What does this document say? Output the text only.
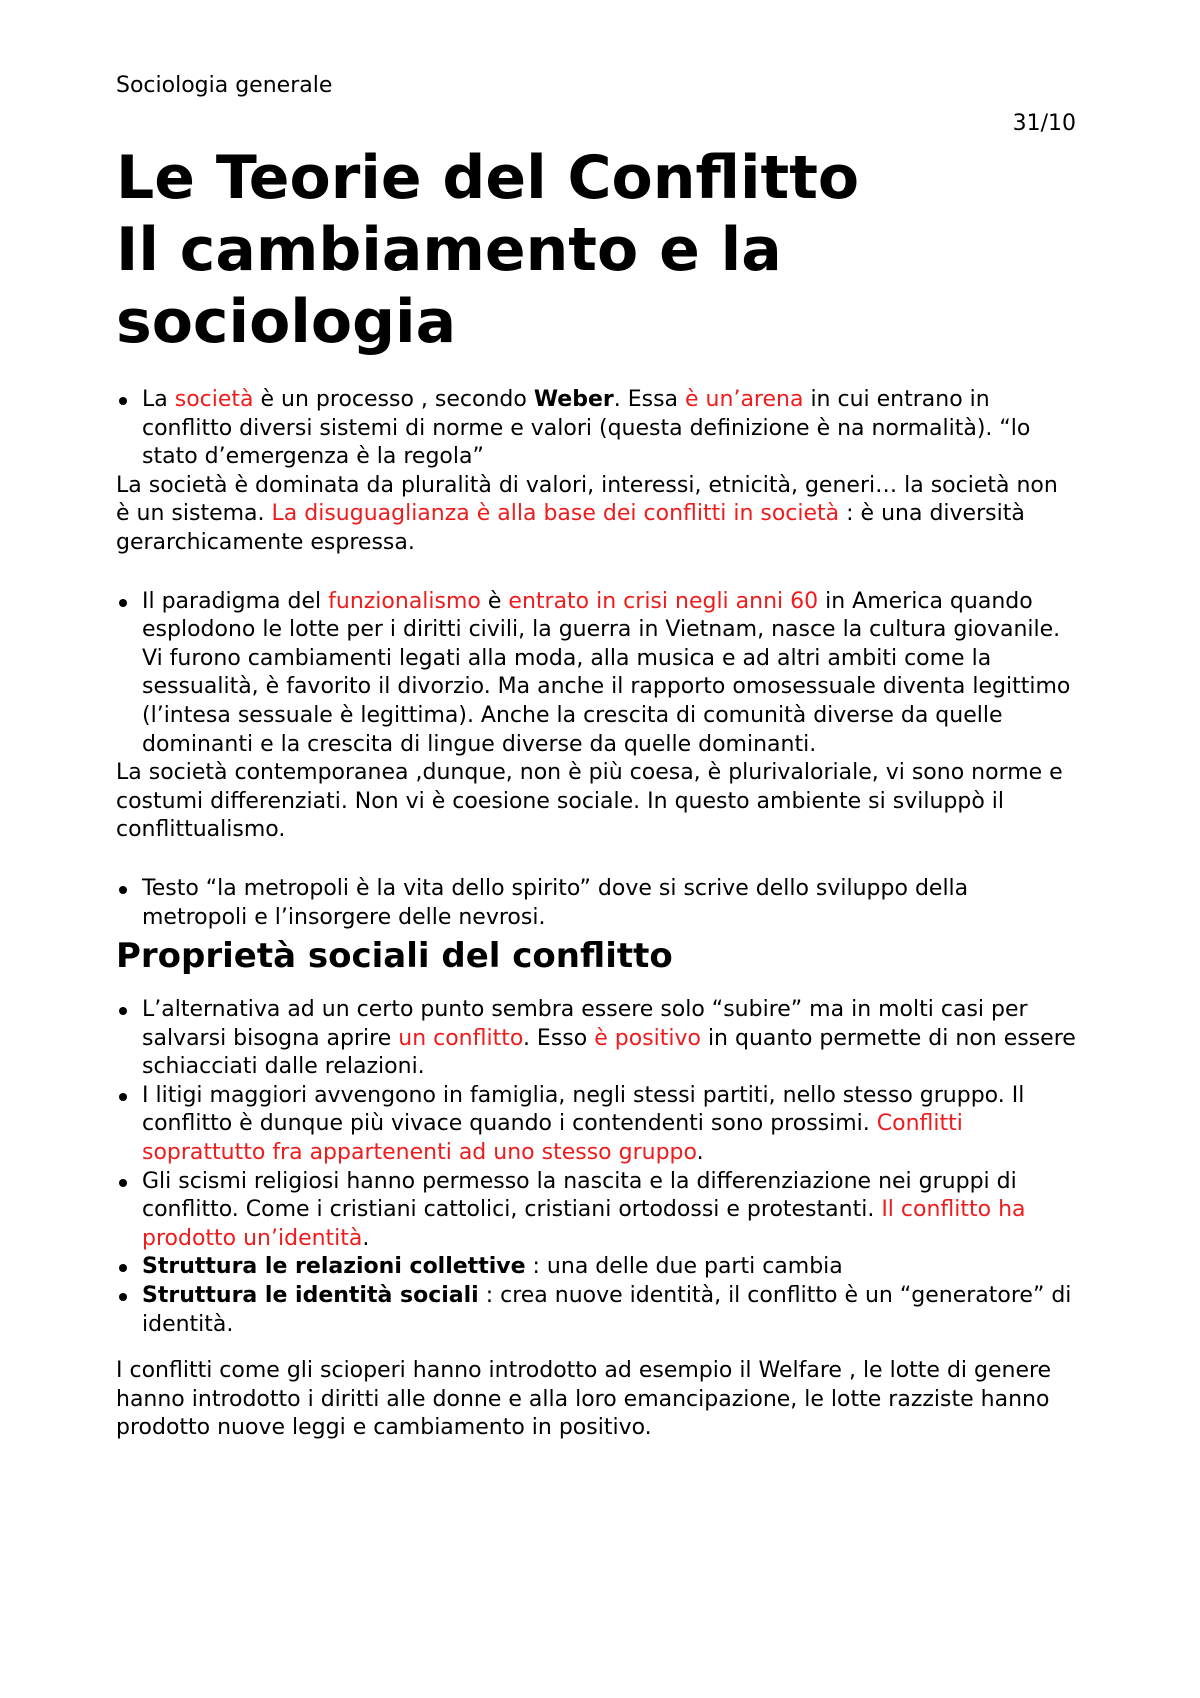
Sociologia generale
31/10
Le Teorie del Conflitto
Il cambiamento e la
sociologia
La società è un processo , secondo Weber. Essa è un’arena in cui entrano in conflitto diversi sistemi di norme e valori (questa definizione è na normalità). “lo stato d’emergenza è la regola”

La società è dominata da pluralità di valori, interessi, etnicità, generi… la società non è un sistema. La disuguaglianza è alla base dei conflitti in società : è una diversità gerarchicamente espressa.

Il paradigma del funzionalismo è entrato in crisi negli anni 60 in America quando esplodono le lotte per i diritti civili, la guerra in Vietnam, nasce la cultura giovanile. Vi furono cambiamenti legati alla moda, alla musica e ad altri ambiti come la sessualità, è favorito il divorzio. Ma anche il rapporto omosessuale diventa legittimo (l’intesa sessuale è legittima). Anche la crescita di comunità diverse da quelle dominanti e la crescita di lingue diverse da quelle dominanti.

La società contemporanea ,dunque, non è più coesa, è plurivaloriale, vi sono norme e costumi differenziati. Non vi è coesione sociale. In questo ambiente si sviluppò il conflittualismo.

Testo “la metropoli è la vita dello spirito” dove si scrive dello sviluppo della metropoli e l’insorgere delle nevrosi.
Proprietà sociali del conflitto
L’alternativa ad un certo punto sembra essere solo “subire” ma in molti casi per salvarsi bisogna aprire un conflitto. Esso è positivo in quanto permette di non essere schiacciati dalle relazioni.
I litigi maggiori avvengono in famiglia, negli stessi partiti, nello stesso gruppo. Il conflitto è dunque più vivace quando i contendenti sono prossimi. Conflitti soprattutto fra appartenenti ad uno stesso gruppo.
Gli scismi religiosi hanno permesso la nascita e la differenziazione nei gruppi di conflitto. Come i cristiani cattolici, cristiani ortodossi e protestanti. Il conflitto ha prodotto un’identità.
Struttura le relazioni collettive : una delle due parti cambia
Struttura le identità sociali : crea nuove identità, il conflitto è un “generatore” di identità.

I conflitti come gli scioperi hanno introdotto ad esempio il Welfare , le lotte di genere hanno introdotto i diritti alle donne e alla loro emancipazione, le lotte razziste hanno prodotto nuove leggi e cambiamento in positivo.
